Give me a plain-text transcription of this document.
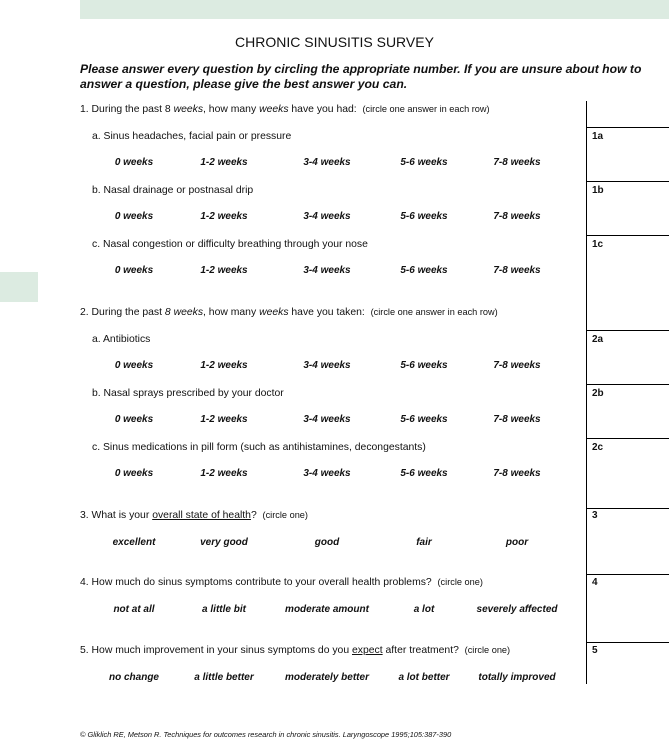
CHRONIC SINUSITIS SURVEY
Please answer every question by circling the appropriate number. If you are unsure about how to answer a question, please give the best answer you can.
1. During the past 8 weeks, how many weeks have you had: (circle one answer in each row)
a. Sinus headaches, facial pain or pressure	1a
0 weeks	1-2 weeks	3-4 weeks	5-6 weeks	7-8 weeks
b. Nasal drainage or postnasal drip	1b
0 weeks	1-2 weeks	3-4 weeks	5-6 weeks	7-8 weeks
c. Nasal congestion or difficulty breathing through your nose	1c
0 weeks	1-2 weeks	3-4 weeks	5-6 weeks	7-8 weeks
2. During the past 8 weeks, how many weeks have you taken: (circle one answer in each row)
a. Antibiotics	2a
0 weeks	1-2 weeks	3-4 weeks	5-6 weeks	7-8 weeks
b. Nasal sprays prescribed by your doctor	2b
0 weeks	1-2 weeks	3-4 weeks	5-6 weeks	7-8 weeks
c. Sinus medications in pill form (such as antihistamines, decongestants)	2c
0 weeks	1-2 weeks	3-4 weeks	5-6 weeks	7-8 weeks
3. What is your overall state of health? (circle one)	3
excellent	very good	good	fair	poor
4. How much do sinus symptoms contribute to your overall health problems? (circle one)	4
not at all	a little bit	moderate amount	a lot	severely affected
5. How much improvement in your sinus symptoms do you expect after treatment? (circle one)	5
no change	a little better	moderately better	a lot better	totally improved
© Gliklich RE, Metson R. Techniques for outcomes research in chronic sinusitis. Laryngoscope 1995;105:387-390
